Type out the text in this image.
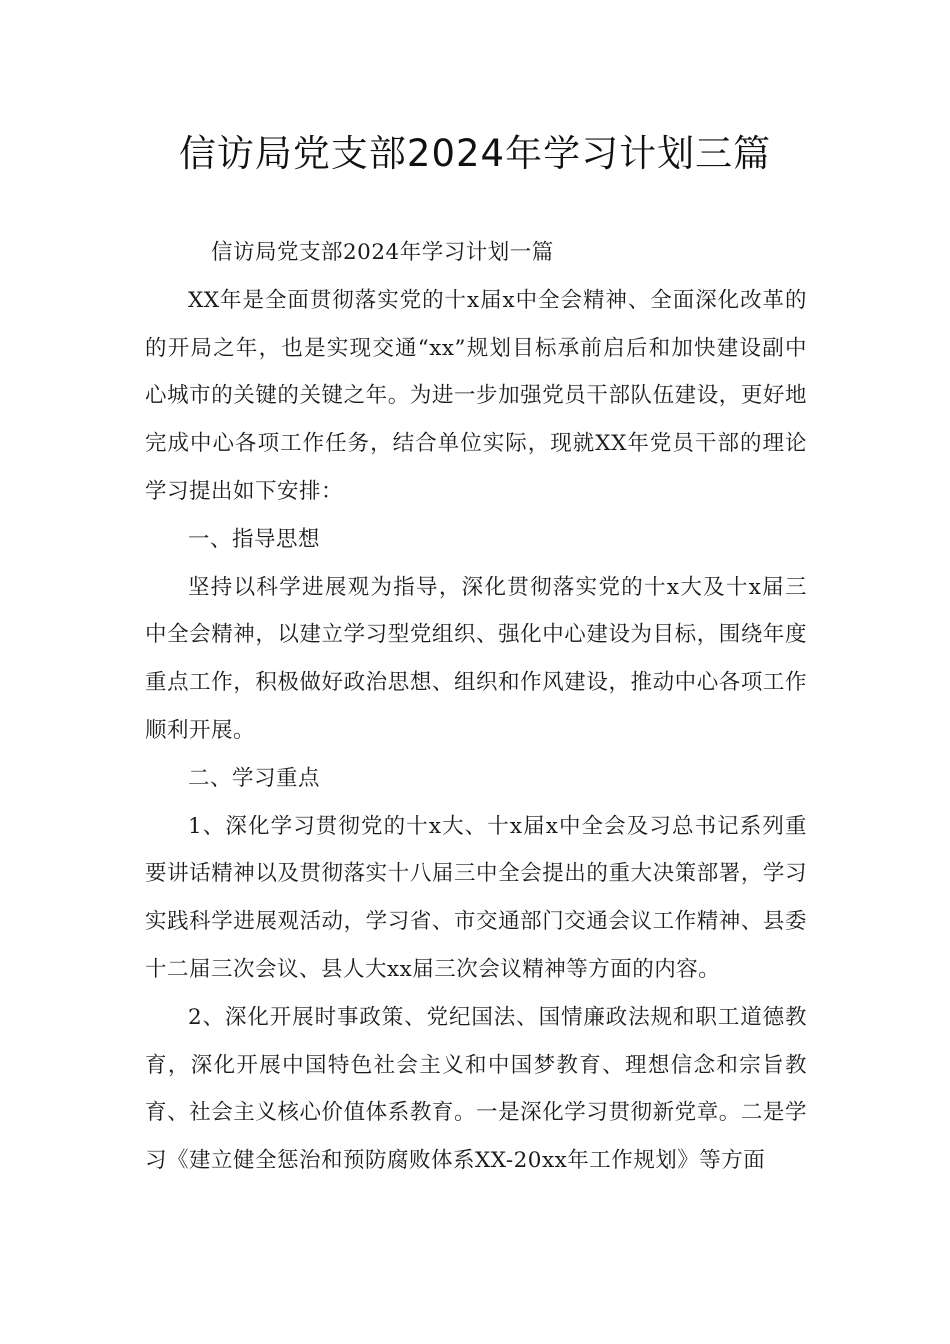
信访局党支部2024年学习计划三篇

信访局党支部2024年学习计划一篇

XX年是全面贯彻落实党的十x届x中全会精神、全面深化改革的的开局之年，也是实现交通“xx”规划目标承前启后和加快建设副中心城市的关键的关键之年。为进一步加强党员干部队伍建设，更好地完成中心各项工作任务，结合单位实际，现就XX年党员干部的理论学习提出如下安排：

一、指导思想

坚持以科学进展观为指导，深化贯彻落实党的十x大及十x届三中全会精神，以建立学习型党组织、强化中心建设为目标，围绕年度重点工作，积极做好政治思想、组织和作风建设，推动中心各项工作顺利开展。

二、学习重点

1、深化学习贯彻党的十x大、十x届x中全会及习总书记系列重要讲话精神以及贯彻落实十八届三中全会提出的重大决策部署，学习实践科学进展观活动，学习省、市交通部门交通会议工作精神、县委十二届三次会议、县人大xx届三次会议精神等方面的内容。

2、深化开展时事政策、党纪国法、国情廉政法规和职工道德教育，深化开展中国特色社会主义和中国梦教育、理想信念和宗旨教育、社会主义核心价值体系教育。一是深化学习贯彻新党章。二是学习《建立健全惩治和预防腐败体系XX-20xx年工作规划》等方面
